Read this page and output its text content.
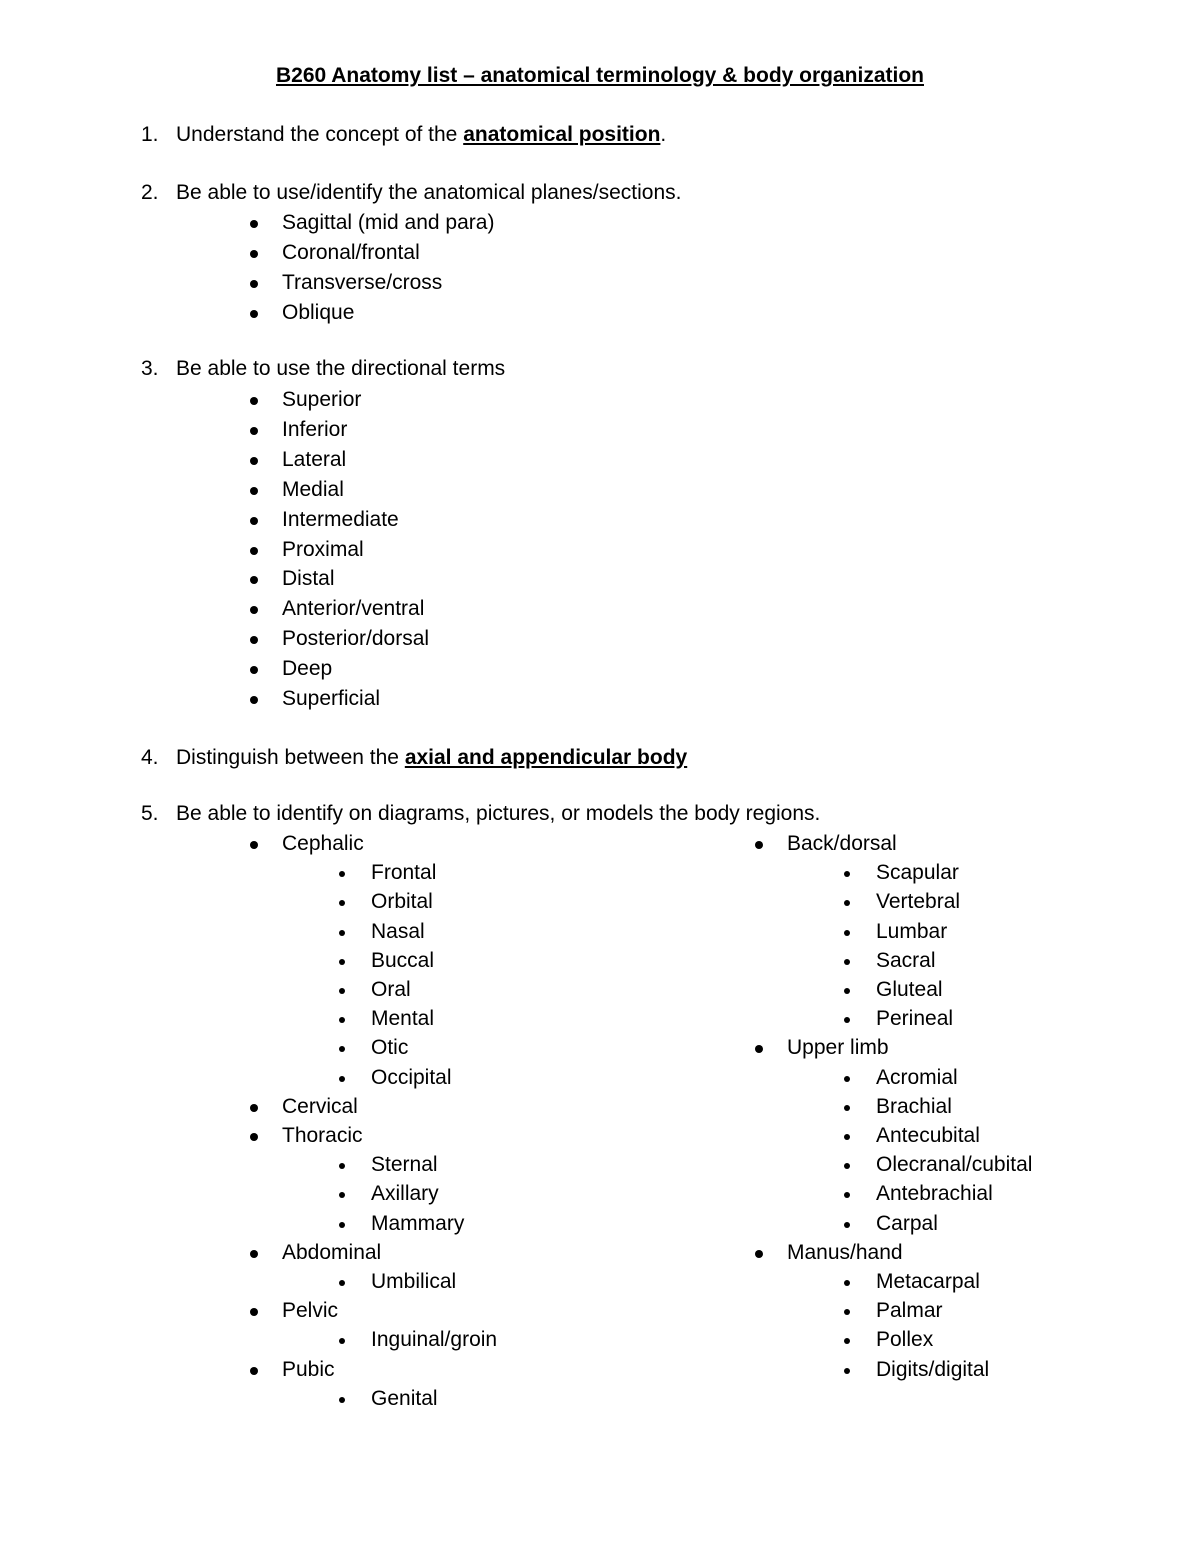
B260 Anatomy list – anatomical terminology & body organization
1. Understand the concept of the anatomical position.
2. Be able to use/identify the anatomical planes/sections.
Sagittal (mid and para)
Coronal/frontal
Transverse/cross
Oblique
3. Be able to use the directional terms
Superior
Inferior
Lateral
Medial
Intermediate
Proximal
Distal
Anterior/ventral
Posterior/dorsal
Deep
Superficial
4. Distinguish between the axial and appendicular body
5. Be able to identify on diagrams, pictures, or models the body regions.
Cephalic
Frontal
Orbital
Nasal
Buccal
Oral
Mental
Otic
Occipital
Cervical
Thoracic
Sternal
Axillary
Mammary
Abdominal
Umbilical
Pelvic
Inguinal/groin
Pubic
Genital
Back/dorsal
Scapular
Vertebral
Lumbar
Sacral
Gluteal
Perineal
Upper limb
Acromial
Brachial
Antecubital
Olecranal/cubital
Antebrachial
Carpal
Manus/hand
Metacarpal
Palmar
Pollex
Digits/digital
